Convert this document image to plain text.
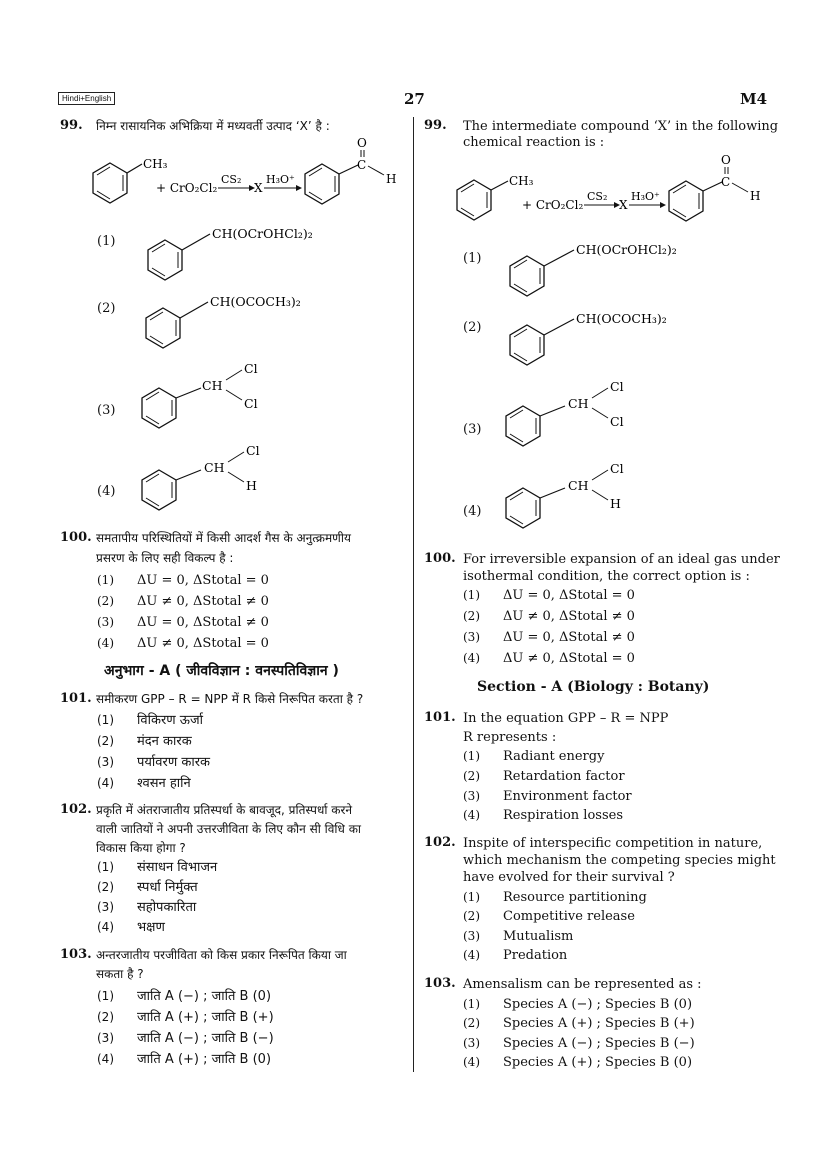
Hindi+English	27	M4
99. निम्न रासायनिक अभिक्रिया में मध्यवर्ती उत्पाद ‘X’ है :
CH₃
+ CrO₂Cl₂
CS₂
X
H₃O⁺
C
O
H
(1)
CH(OCrOHCl₂)₂
(2)	CH(OCOCH₃)₂
(3)
CH
Cl
Cl
(4)
CH
Cl
H
100. समतापीय परिस्थितियों में किसी आदर्श गैस के अनुत्क्रमणीय
प्रसरण के लिए सही विकल्प है :
(1) ΔU = 0, ΔStotal = 0
(2) ΔU ≠ 0, ΔStotal ≠ 0
(3) ΔU = 0, ΔStotal ≠ 0
(4) ΔU ≠ 0, ΔStotal = 0
अनुभाग - A ( जीवविज्ञान : वनस्पतिविज्ञान )
101. समीकरण GPP – R = NPP में R किसे निरूपित करता है ?
(1) विकिरण ऊर्जा
(2) मंदन कारक
(3) पर्यावरण कारक
(4) श्वसन हानि
102. प्रकृति में अंतराजातीय प्रतिस्पर्धा के बावजूद, प्रतिस्पर्धा करने
वाली जातियों ने अपनी उत्तरजीविता के लिए कौन सी विधि का
विकास किया होगा ?
(1) संसाधन विभाजन
(2) स्पर्धा निर्मुक्त
(3) सहोपकारिता
(4) भक्षण
103. अन्तरजातीय परजीविता को किस प्रकार निरूपित किया जा
सकता है ?
(1) जाति A (−) ; जाति B (0)
(2) जाति A (+) ; जाति B (+)
(3) जाति A (−) ; जाति B (−)
(4) जाति A (+) ; जाति B (0)
99. The intermediate compound ‘X’ in the following
chemical reaction is :
CH₃
+ CrO₂Cl₂
CS₂
X
H₃O⁺
C
O
H
(1)
CH(OCrOHCl₂)₂
(2)
CH(OCOCH₃)₂
(3)
CH
Cl
Cl
(4)
CH
Cl
H
100. For irreversible expansion of an ideal gas under
isothermal condition, the correct option is :
(1) ΔU = 0, ΔStotal = 0
(2) ΔU ≠ 0, ΔStotal ≠ 0
(3) ΔU = 0, ΔStotal ≠ 0
(4) ΔU ≠ 0, ΔStotal = 0
Section - A (Biology : Botany)
101. In the equation GPP – R = NPP
R represents :
(1) Radiant energy
(2) Retardation factor
(3) Environment factor
(4) Respiration losses
102. Inspite of interspecific competition in nature,
which mechanism the competing species might
have evolved for their survival ?
(1) Resource partitioning
(2) Competitive release
(3) Mutualism
(4) Predation
103. Amensalism can be represented as :
(1) Species A (−) ; Species B (0)
(2) Species A (+) ; Species B (+)
(3) Species A (−) ; Species B (−)
(4) Species A (+) ; Species B (0)
